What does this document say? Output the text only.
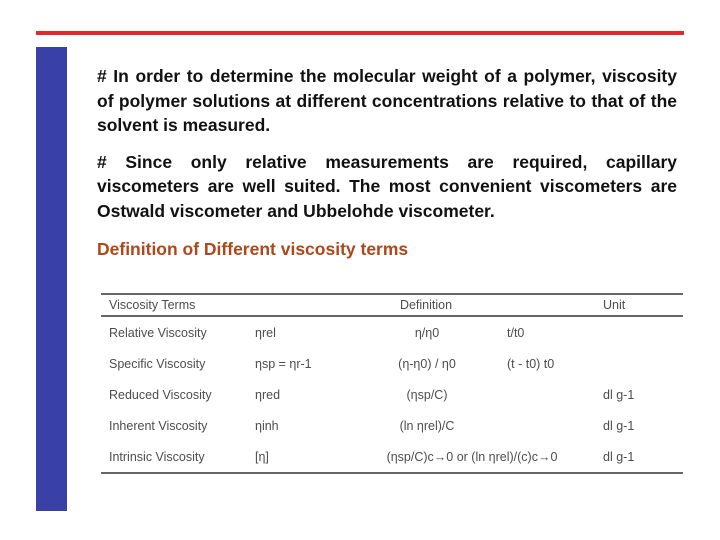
# In order to determine the molecular weight of a polymer, viscosity of polymer solutions at different concentrations relative to that of the solvent is measured.

# Since only relative measurements are required, capillary viscometers are well suited. The most convenient viscometers are Ostwald viscometer and Ubbelohde viscometer.

Definition of Different viscosity terms
Viscosity Terms	Definition			Unit
Relative Viscosity	ηrel	η/η0	t/t0	
Specific Viscosity	ηsp = ηr-1	(η-η0) / η0	(t - t0) t0	
Reduced Viscosity	ηred	(ηsp/C)		dl g-1
Inherent Viscosity	ηinh	(ln ηrel)/C		dl g-1
Intrinsic Viscosity	[η]	(ηsp/C)c→0 or (ln ηrel)/(c)c→0		dl g-1
